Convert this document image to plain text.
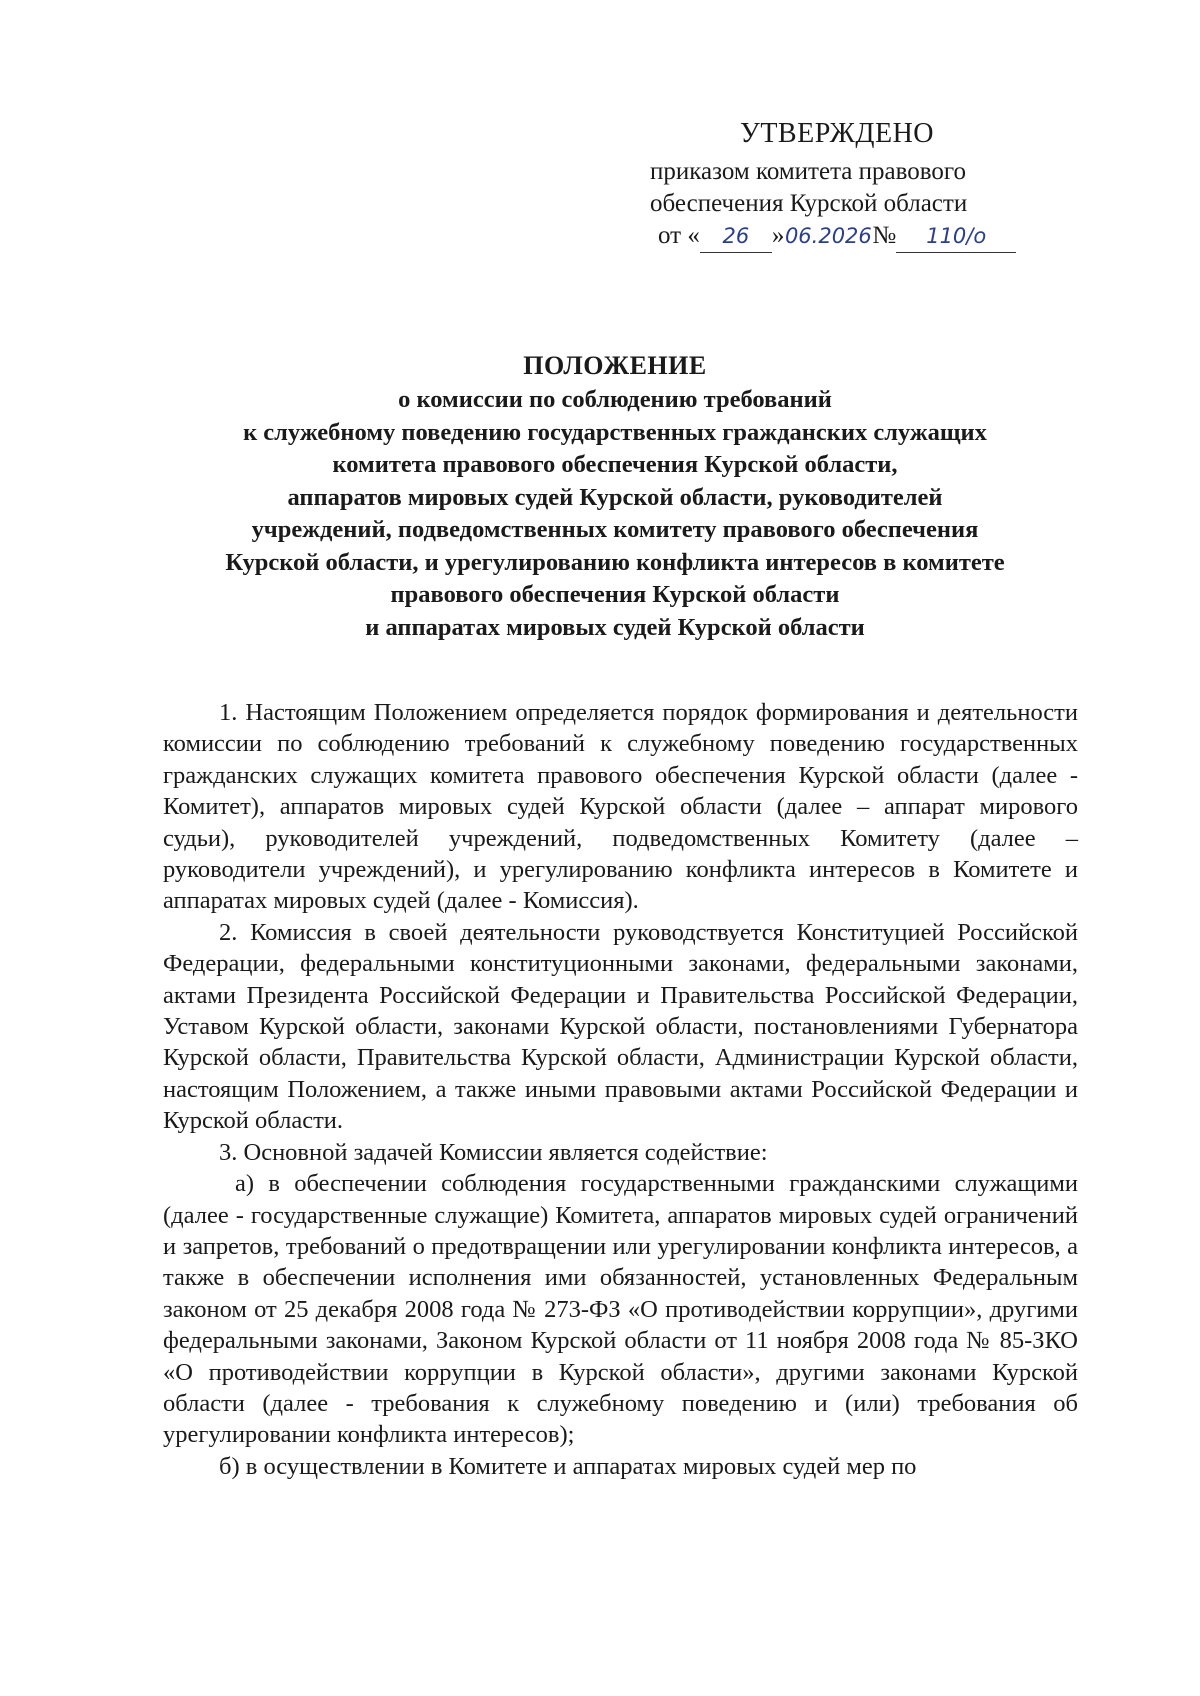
УТВЕРЖДЕНО
приказом комитета правового
обеспечения Курской области
от « 26 »06.2026№ 110/о
ПОЛОЖЕНИЕ
о комиссии по соблюдению требований
к служебному поведению государственных гражданских служащих
комитета правового обеспечения Курской области,
аппаратов мировых судей Курской области, руководителей
учреждений, подведомственных комитету правового обеспечения
Курской области, и урегулированию конфликта интересов в комитете
правового обеспечения Курской области
и аппаратах мировых судей Курской области

1. Настоящим Положением определяется порядок формирования и деятельности комиссии по соблюдению требований к служебному поведению государственных гражданских служащих комитета правового обеспечения Курской области (далее - Комитет), аппаратов мировых судей Курской области (далее – аппарат мирового судьи), руководителей учреждений, подведомственных Комитету (далее – руководители учреждений), и урегулированию конфликта интересов в Комитете и аппаратах мировых судей (далее - Комиссия).

2. Комиссия в своей деятельности руководствуется Конституцией Российской Федерации, федеральными конституционными законами, федеральными законами, актами Президента Российской Федерации и Правительства Российской Федерации, Уставом Курской области, законами Курской области, постановлениями Губернатора Курской области, Правительства Курской области, Администрации Курской области, настоящим Положением, а также иными правовыми актами Российской Федерации и Курской области.

3. Основной задачей Комиссии является содействие:

а) в обеспечении соблюдения государственными гражданскими служащими (далее - государственные служащие) Комитета, аппаратов мировых судей ограничений и запретов, требований о предотвращении или урегулировании конфликта интересов, а также в обеспечении исполнения ими обязанностей, установленных Федеральным законом от 25 декабря 2008 года № 273-ФЗ «О противодействии коррупции», другими федеральными законами, Законом Курской области от 11 ноября 2008 года № 85-ЗКО «О противодействии коррупции в Курской области», другими законами Курской области (далее - требования к служебному поведению и (или) требования об урегулировании конфликта интересов);

б) в осуществлении в Комитете и аппаратах мировых судей мер по
